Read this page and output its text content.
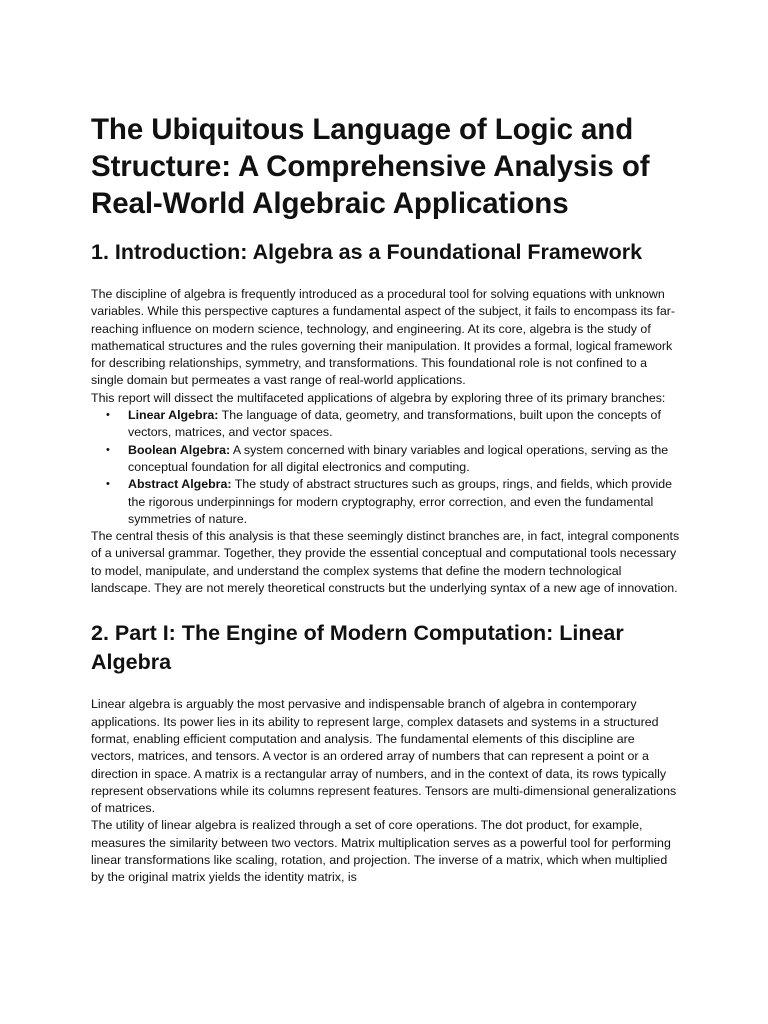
The Ubiquitous Language of Logic and Structure: A Comprehensive Analysis of Real-World Algebraic Applications
1. Introduction: Algebra as a Foundational Framework

The discipline of algebra is frequently introduced as a procedural tool for solving equations with unknown variables. While this perspective captures a fundamental aspect of the subject, it fails to encompass its far-reaching influence on modern science, technology, and engineering. At its core, algebra is the study of mathematical structures and the rules governing their manipulation. It provides a formal, logical framework for describing relationships, symmetry, and transformations. This foundational role is not confined to a single domain but permeates a vast range of real-world applications.

This report will dissect the multifaceted applications of algebra by exploring three of its primary branches:

• Linear Algebra: The language of data, geometry, and transformations, built upon the concepts of vectors, matrices, and vector spaces.
• Boolean Algebra: A system concerned with binary variables and logical operations, serving as the conceptual foundation for all digital electronics and computing.
• Abstract Algebra: The study of abstract structures such as groups, rings, and fields, which provide the rigorous underpinnings for modern cryptography, error correction, and even the fundamental symmetries of nature.

The central thesis of this analysis is that these seemingly distinct branches are, in fact, integral components of a universal grammar. Together, they provide the essential conceptual and computational tools necessary to model, manipulate, and understand the complex systems that define the modern technological landscape. They are not merely theoretical constructs but the underlying syntax of a new age of innovation.

2. Part I: The Engine of Modern Computation: Linear Algebra

Linear algebra is arguably the most pervasive and indispensable branch of algebra in contemporary applications. Its power lies in its ability to represent large, complex datasets and systems in a structured format, enabling efficient computation and analysis. The fundamental elements of this discipline are vectors, matrices, and tensors. A vector is an ordered array of numbers that can represent a point or a direction in space. A matrix is a rectangular array of numbers, and in the context of data, its rows typically represent observations while its columns represent features. Tensors are multi-dimensional generalizations of matrices.

The utility of linear algebra is realized through a set of core operations. The dot product, for example, measures the similarity between two vectors. Matrix multiplication serves as a powerful tool for performing linear transformations like scaling, rotation, and projection. The inverse of a matrix, which when multiplied by the original matrix yields the identity matrix, is
